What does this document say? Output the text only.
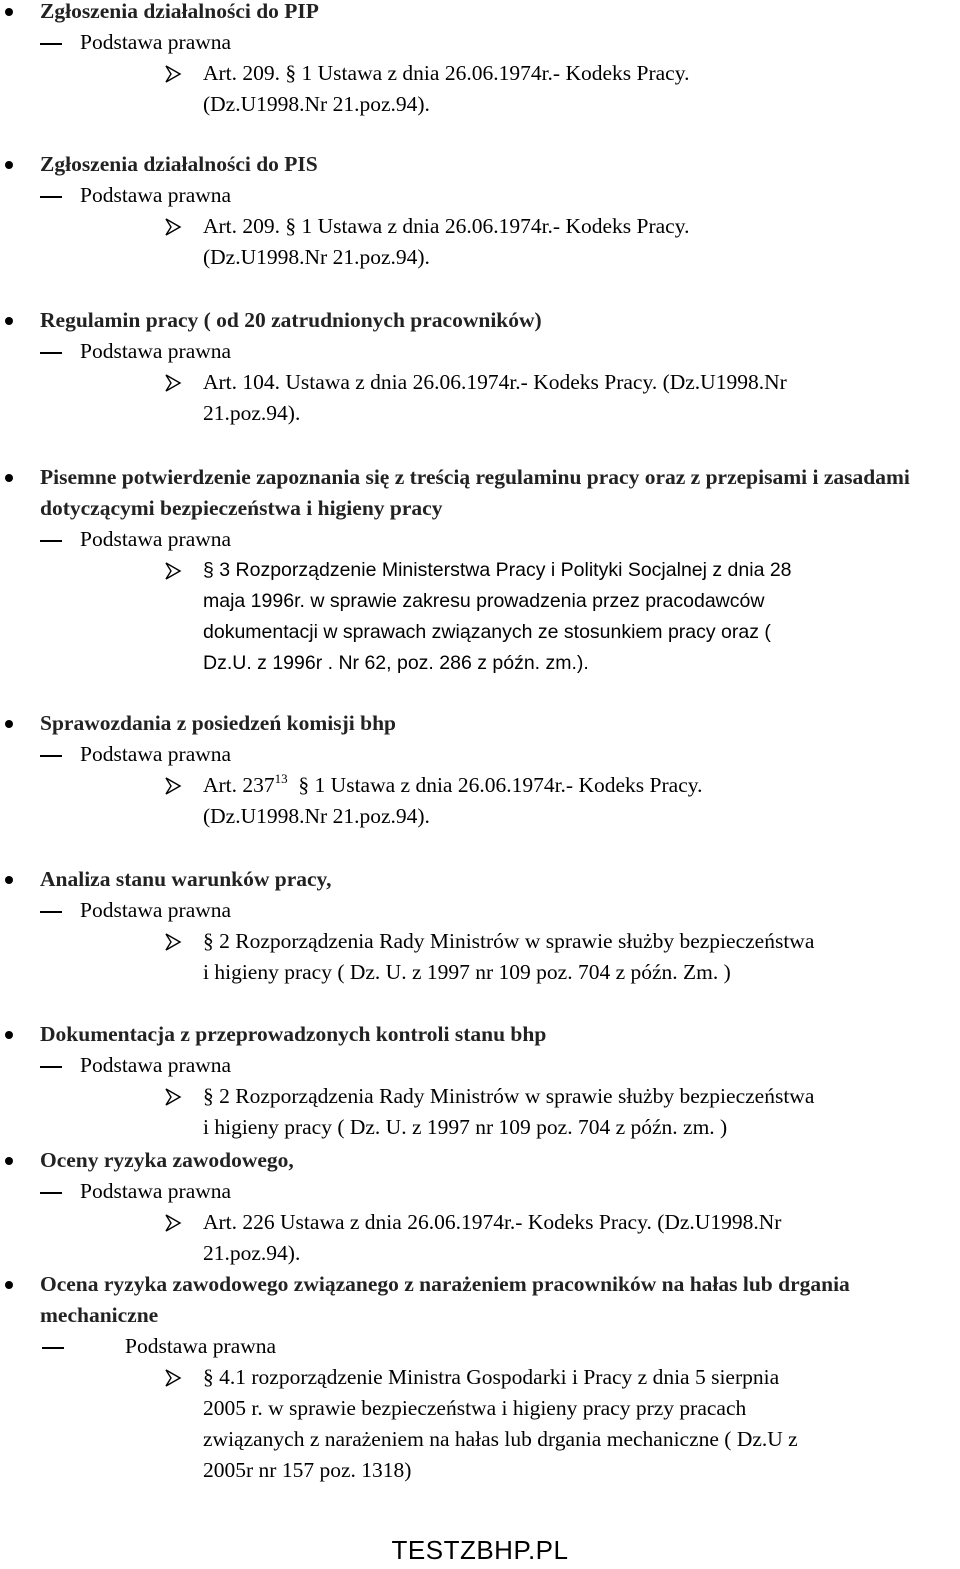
Zgłoszenia działalności do PIP
Podstawa prawna
Art. 209. § 1 Ustawa z dnia 26.06.1974r.- Kodeks Pracy.
(Dz.U1998.Nr 21.poz.94).
Zgłoszenia działalności do PIS
Podstawa prawna
Art. 209. § 1 Ustawa z dnia 26.06.1974r.- Kodeks Pracy.
(Dz.U1998.Nr 21.poz.94).
Regulamin pracy ( od 20 zatrudnionych pracowników)
Podstawa prawna
Art. 104. Ustawa z dnia 26.06.1974r.- Kodeks Pracy. (Dz.U1998.Nr
21.poz.94).
Pisemne potwierdzenie zapoznania się z treścią regulaminu pracy oraz z przepisami i zasadami dotyczącymi bezpieczeństwa i higieny pracy
Podstawa prawna
§ 3 Rozporządzenie Ministerstwa Pracy i Polityki Socjalnej z dnia 28
maja 1996r. w sprawie zakresu prowadzenia przez pracodawców
dokumentacji w sprawach związanych ze stosunkiem pracy oraz (
Dz.U. z 1996r . Nr 62, poz. 286 z późn. zm.).
Sprawozdania z posiedzeń komisji bhp
Podstawa prawna
Art. $237^{13}$ § 1 Ustawa z dnia 26.06.1974r.- Kodeks Pracy.
(Dz.U1998.Nr 21.poz.94).
Analiza stanu warunków pracy,
Podstawa prawna
§ 2 Rozporządzenia Rady Ministrów w sprawie służby bezpieczeństwa
i higieny pracy ( Dz. U. z 1997 nr 109 poz. 704 z późn. Zm. )
Dokumentacja z przeprowadzonych kontroli stanu bhp
Podstawa prawna
§ 2 Rozporządzenia Rady Ministrów w sprawie służby bezpieczeństwa
i higieny pracy ( Dz. U. z 1997 nr 109 poz. 704 z późn. zm. )
Oceny ryzyka zawodowego,
Podstawa prawna
Art. 226 Ustawa z dnia 26.06.1974r.- Kodeks Pracy. (Dz.U1998.Nr
21.poz.94).
Ocena ryzyka zawodowego związanego z narażeniem pracowników na hałas lub drgania mechaniczne
Podstawa prawna
§ 4.1 rozporządzenie Ministra Gospodarki i Pracy z dnia 5 sierpnia
2005 r. w sprawie bezpieczeństwa i higieny pracy przy pracach
związanych z narażeniem na hałas lub drgania mechaniczne ( Dz.U z
2005r nr 157 poz. 1318)
TESTZBHP.PL
